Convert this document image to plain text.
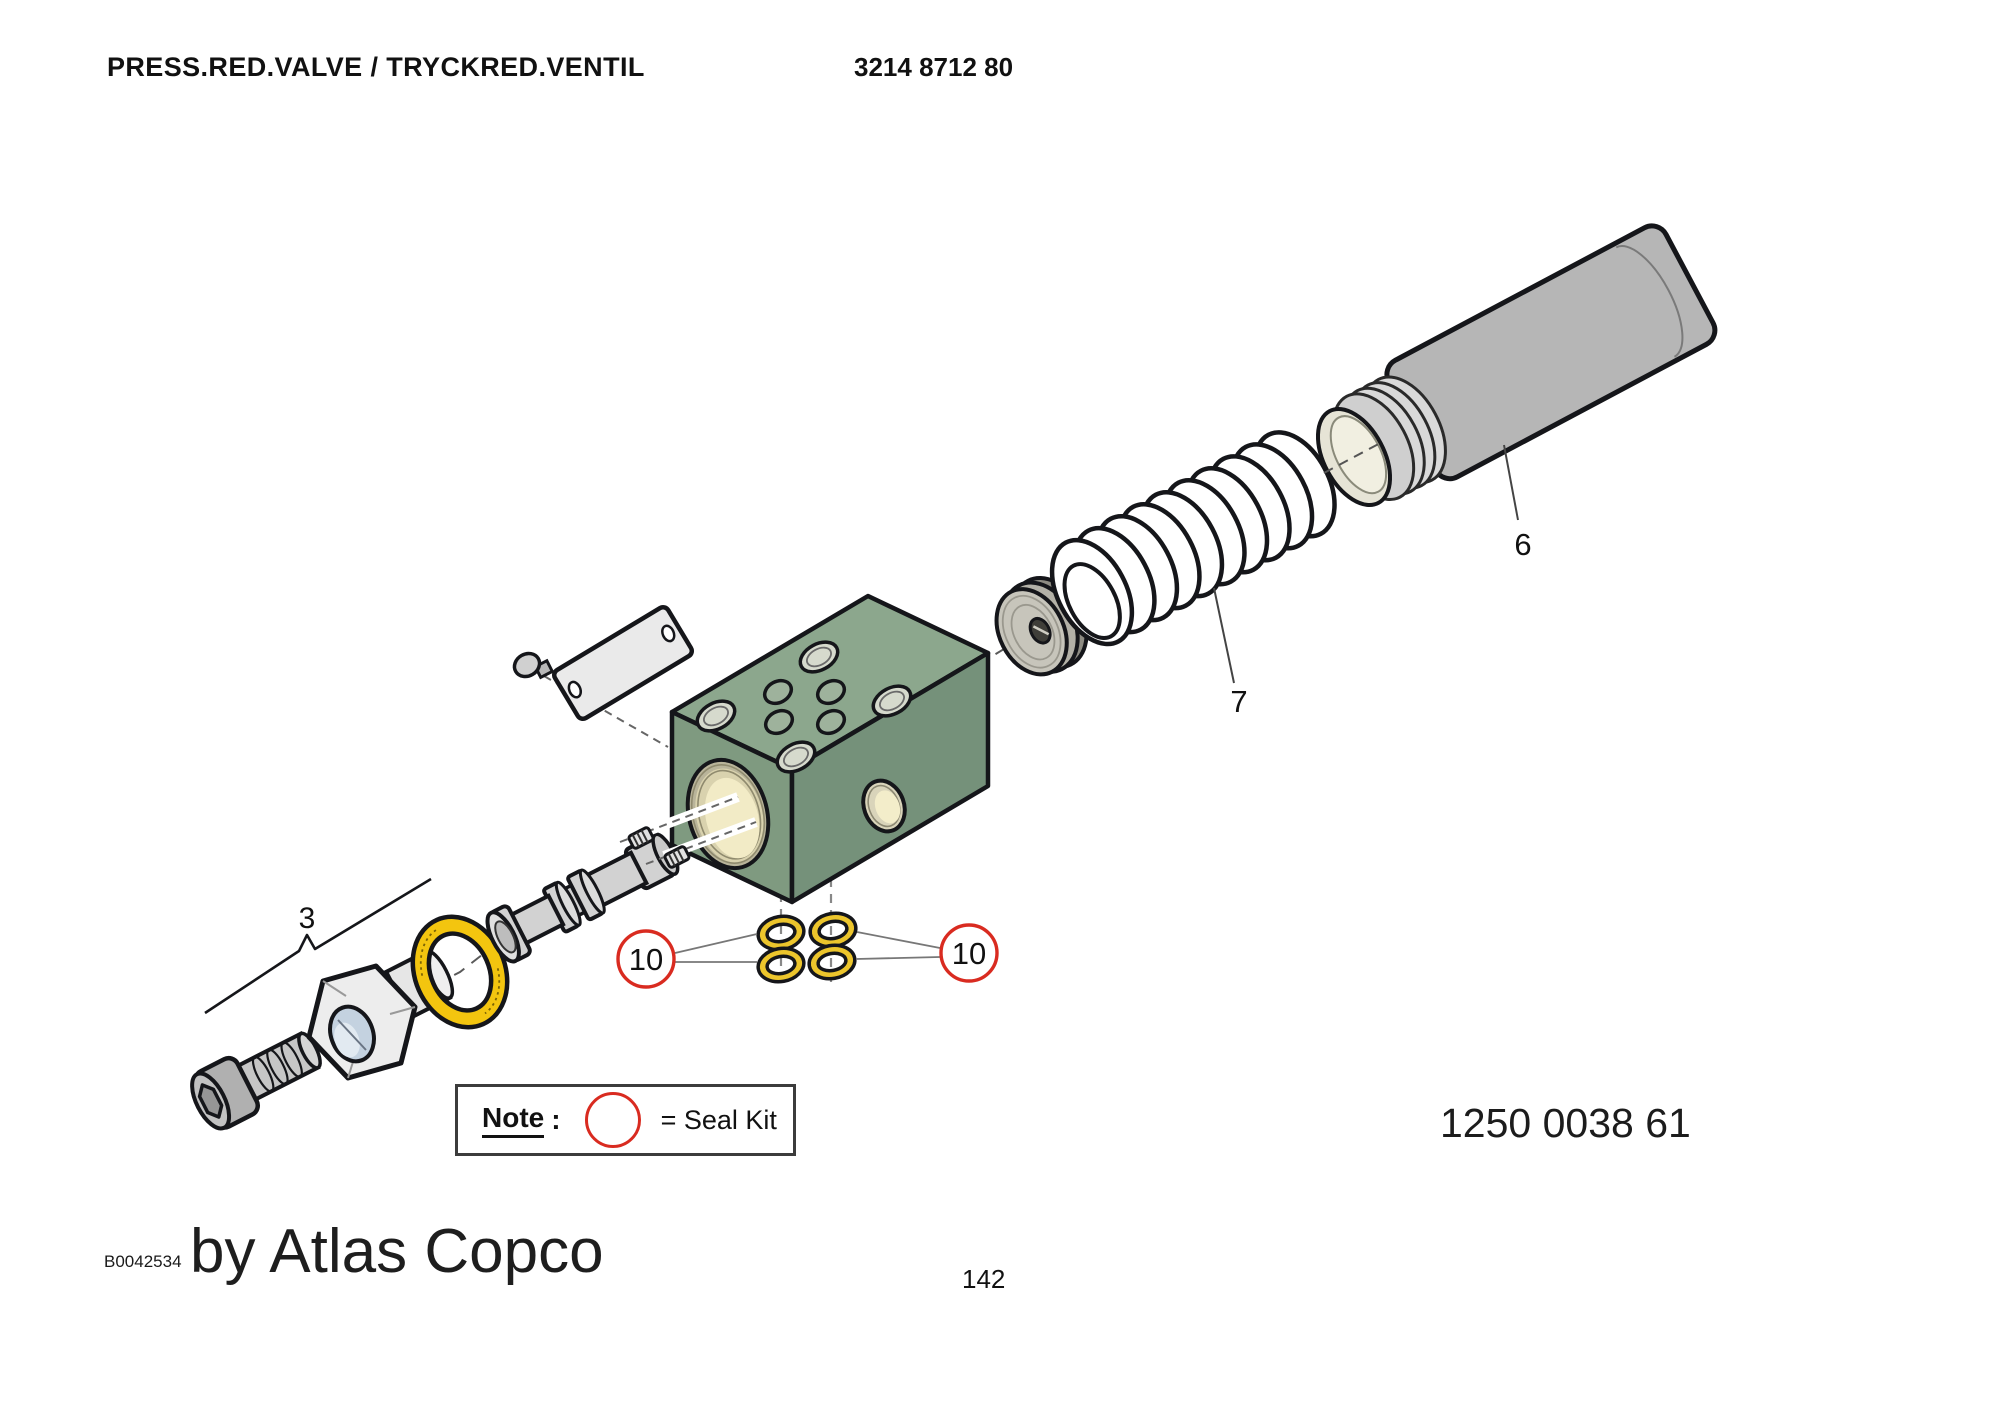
PRESS.RED.VALVE / TRYCKRED.VENTIL	3214 8712 80
3
6
7
10	10
Note :	= Seal Kit	1250 0038 61
B0042534 by Atlas Copco	142
